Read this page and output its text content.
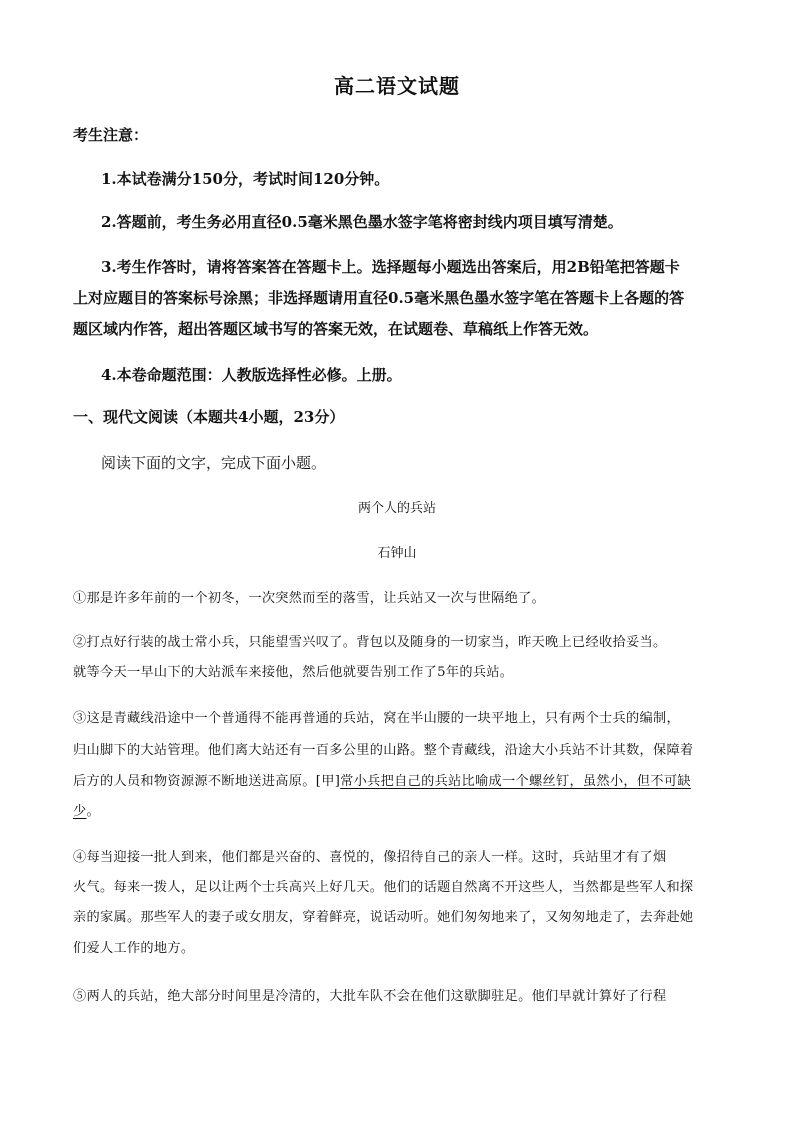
高二语文试题
考生注意：
1.本试卷满分150分，考试时间120分钟。
2.答题前，考生务必用直径0.5毫米黑色墨水签字笔将密封线内项目填写清楚。
3.考生作答时，请将答案答在答题卡上。选择题每小题选出答案后，用2B铅笔把答题卡
上对应题目的答案标号涂黑；非选择题请用直径0.5毫米黑色墨水签字笔在答题卡上各题的答
题区域内作答，超出答题区域书写的答案无效，在试题卷、草稿纸上作答无效。
4.本卷命题范围：人教版选择性必修。上册。
一、现代文阅读（本题共4小题，23分）
阅读下面的文字，完成下面小题。
两个人的兵站
石钟山
①那是许多年前的一个初冬，一次突然而至的落雪，让兵站又一次与世隔绝了。
②打点好行装的战士常小兵，只能望雪兴叹了。背包以及随身的一切家当，昨天晚上已经收拾妥当。
就等今天一早山下的大站派车来接他，然后他就要告别工作了5年的兵站。
③这是青藏线沿途中一个普通得不能再普通的兵站，窝在半山腰的一块平地上，只有两个士兵的编制，
归山脚下的大站管理。他们离大站还有一百多公里的山路。整个青藏线，沿途大小兵站不计其数，保障着
后方的人员和物资源源不断地送进高原。[甲]常小兵把自己的兵站比喻成一个螺丝钉，虽然小，但不可缺
少。
④每当迎接一批人到来，他们都是兴奋的、喜悦的，像招待自己的亲人一样。这时，兵站里才有了烟
火气。每来一拨人，足以让两个士兵高兴上好几天。他们的话题自然离不开这些人，当然都是些军人和探
亲的家属。那些军人的妻子或女朋友，穿着鲜亮，说话动听。她们匆匆地来了，又匆匆地走了，去奔赴她
们爱人工作的地方。
⑤两人的兵站，绝大部分时间里是冷清的，大批车队不会在他们这歇脚驻足。他们早就计算好了行程
